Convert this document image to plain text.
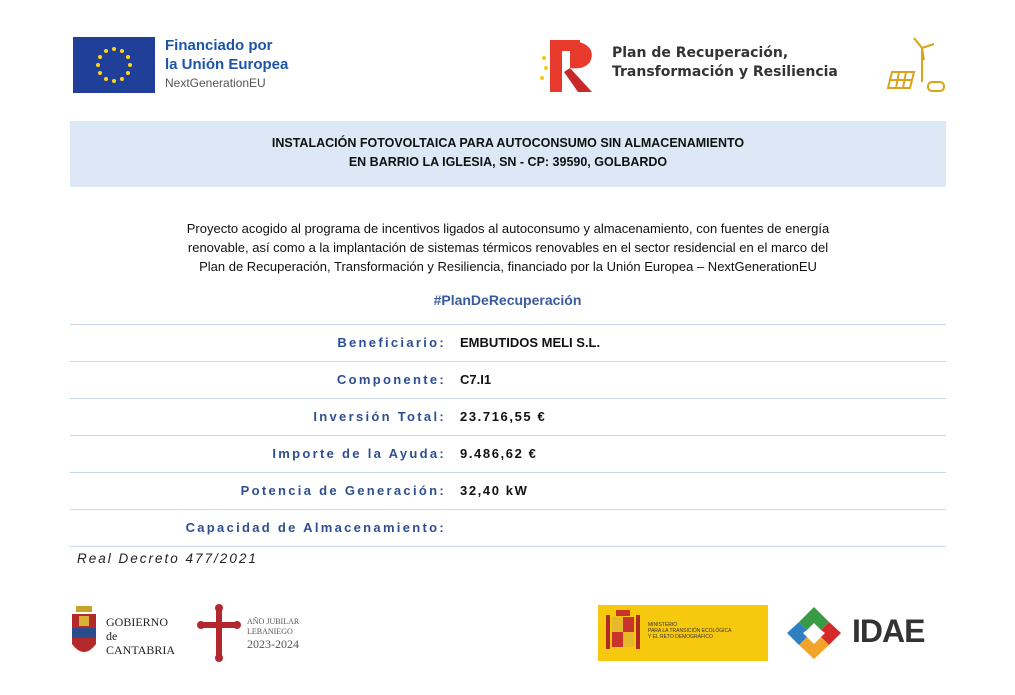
Financiado por
la Unión Europea
NextGenerationEU
Plan de Recuperación,
Transformación y Resiliencia
INSTALACIÓN FOTOVOLTAICA PARA AUTOCONSUMO SIN ALMACENAMIENTO
EN BARRIO LA IGLESIA, SN - CP: 39590, GOLBARDO
Proyecto acogido al programa de incentivos ligados al autoconsumo y almacenamiento, con fuentes de energía
renovable, así como a la implantación de sistemas térmicos renovables en el sector residencial en el marco del
Plan de Recuperación, Transformación y Resiliencia, financiado por la Unión Europea – NextGenerationEU
#PlanDeRecuperación
Beneficiario: EMBUTIDOS MELI S.L.
Componente: C7.I1
Inversión Total: 23.716,55 €
Importe de la Ayuda: 9.486,62 €
Potencia de Generación: 32,40 kW
Capacidad de Almacenamiento:
Real Decreto 477/2021
GOBIERNO
de
CANTABRIA
AÑO JUBILAR
LEBANIEGO
2023-2024
MINISTERIO
PARA LA TRANSICIÓN ECOLÓGICA
Y EL RETO DEMOGRÁFICO	IDAE
